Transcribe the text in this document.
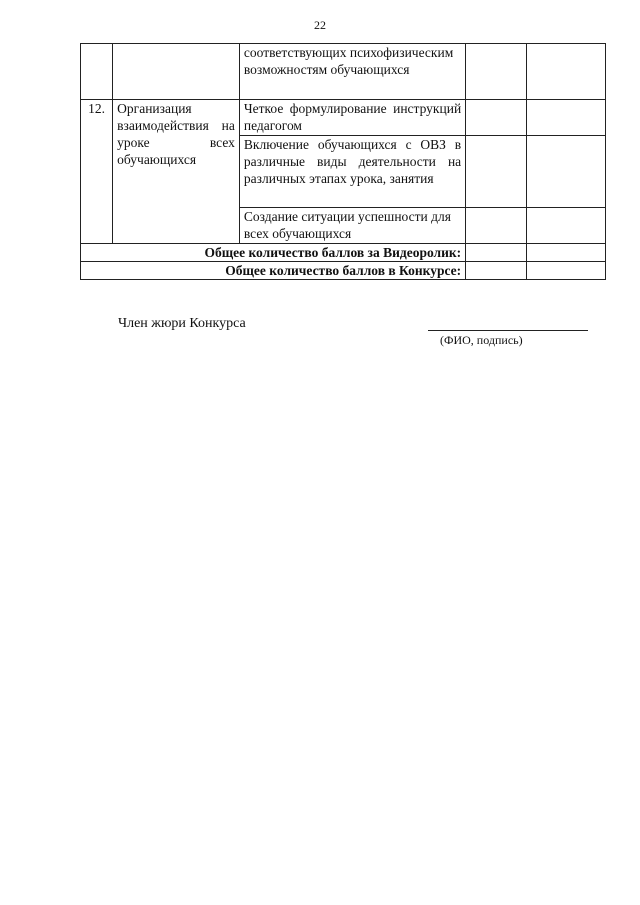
22
		соответствующих психофизическим возможностям обучающихся		
12.	Организация взаимодействия на уроке всех обучающихся	Четкое формулирование инструкций педагогом		
		Включение обучающихся с ОВЗ в различные виды деятельности на различных этапах урока, занятия		
		Создание ситуации успешности для всех обучающихся		
Общее количество баллов за Видеоролик:				
Общее количество баллов в Конкурсе:				
Член жюри Конкурса
(ФИО, подпись)
